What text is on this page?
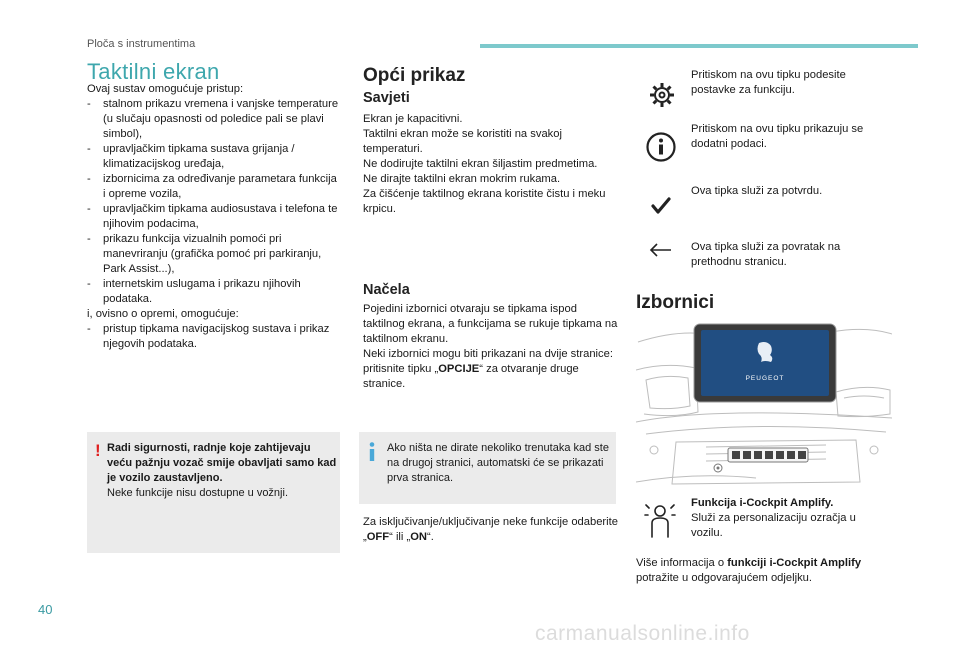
Ploča s instrumentima
Taktilni ekran

Ovaj sustav omogućuje pristup:

- stalnom prikazu vremena i vanjske temperature (u slučaju opasnosti od poledice pali se plavi simbol),
- upravljačkim tipkama sustava grijanja / klimatizacijskog uređaja,
- izbornicima za određivanje parametara funkcija i opreme vozila,
- upravljačkim tipkama audiosustava i telefona te njihovim podacima,
- prikazu funkcija vizualnih pomoći pri manevriranju (grafička pomoć pri parkiranju, Park Assist...),
- internetskim uslugama i prikazu njihovih podataka.

i, ovisno o opremi, omogućuje:

- pristup tipkama navigacijskog sustava i prikaz njegovih podataka.
! Radi sigurnosti, radnje koje zahtijevaju veću pažnju vozač smije obavljati samo kad je vozilo zaustavljeno.

Neke funkcije nisu dostupne u vožnji.

Opći prikaz
Savjeti

Ekran je kapacitivni.
Taktilni ekran može se koristiti na svakoj temperaturi.
Ne dodirujte taktilni ekran šiljastim predmetima.
Ne dirajte taktilni ekran mokrim rukama.
Za čišćenje taktilnog ekrana koristite čistu i meku krpicu.

Načela

Pojedini izbornici otvaraju se tipkama ispod taktilnog ekrana, a funkcijama se rukuje tipkama na taktilnom ekranu.
Neki izbornici mogu biti prikazani na dvije stranice: pritisnite tipku „OPCIJE“ za otvaranje druge stranice.

Ako ništa ne dirate nekoliko trenutaka kad ste na drugoj stranici, automatski će se prikazati prva stranica.
Za isključivanje/uključivanje neke funkcije odaberite „OFF“ ili „ON“.
Pritiskom na ovu tipku podesite postavke za funkciju.
Pritiskom na ovu tipku prikazuju se dodatni podaci.
Ova tipka služi za potvrdu.
Ova tipka služi za povratak na prethodnu stranicu.
Izbornici
PEUGEOT

Funkcija i-Cockpit Amplify.

Služi za personalizaciju ozračja u vozilu.

Više informacija o funkciji i-Cockpit Amplify potražite u odgovarajućem odjeljku.
40
carmanualsonline.info
